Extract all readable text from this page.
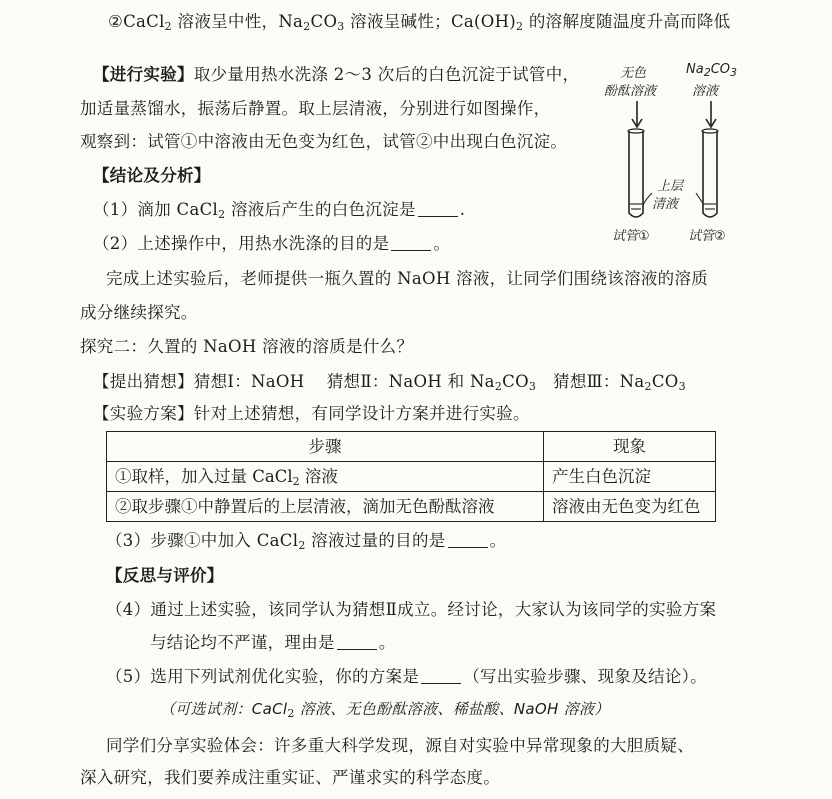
②CaCl$_2$ 溶液呈中性，$Na_2CO_3$ 溶液呈碱性；$Ca(OH)_2$ 的溶解度随温度升高而降低
【进行实验】取少量用热水洗涤 2～3 次后的白色沉淀于试管中，
加适量蒸馏水，振荡后静置。取上层清液，分别进行如图操作，
观察到：试管①中溶液由无色变为红色，试管②中出现白色沉淀。
【结论及分析】
（1）滴加 CaCl$_2$ 溶液后产生的白色沉淀是	.
（2）上述操作中，用热水洗涤的目的是	。
无色
酚酞溶液
$Na_2CO_3$
溶液
上层
清液
试管①	试管②
完成上述实验后，老师提供一瓶久置的 NaOH 溶液，让同学们围绕该溶液的溶质
成分继续探究。
探究二：久置的 NaOH 溶液的溶质是什么？
【提出猜想】猜想Ⅰ：NaOH　 猜想Ⅱ：NaOH 和 $Na_2CO_3$　猜想Ⅲ：$Na_2CO_3$
【实验方案】针对上述猜想，有同学设计方案并进行实验。
步骤	现象
①取样，加入过量 CaCl$_2$ 溶液	产生白色沉淀
②取步骤①中静置后的上层清液，滴加无色酚酞溶液	溶液由无色变为红色
（3）步骤①中加入 CaCl$_2$ 溶液过量的目的是	。
【反思与评价】
（4）通过上述实验，该同学认为猜想Ⅱ成立。经讨论，大家认为该同学的实验方案
与结论均不严谨，理由是	。
（5）选用下列试剂优化实验，你的方案是	（写出实验步骤、现象及结论）。
（可选试剂：CaCl$_2$ 溶液、无色酚酞溶液、稀盐酸、NaOH 溶液）
同学们分享实验体会：许多重大科学发现，源自对实验中异常现象的大胆质疑、
深入研究，我们要养成注重实证、严谨求实的科学态度。
